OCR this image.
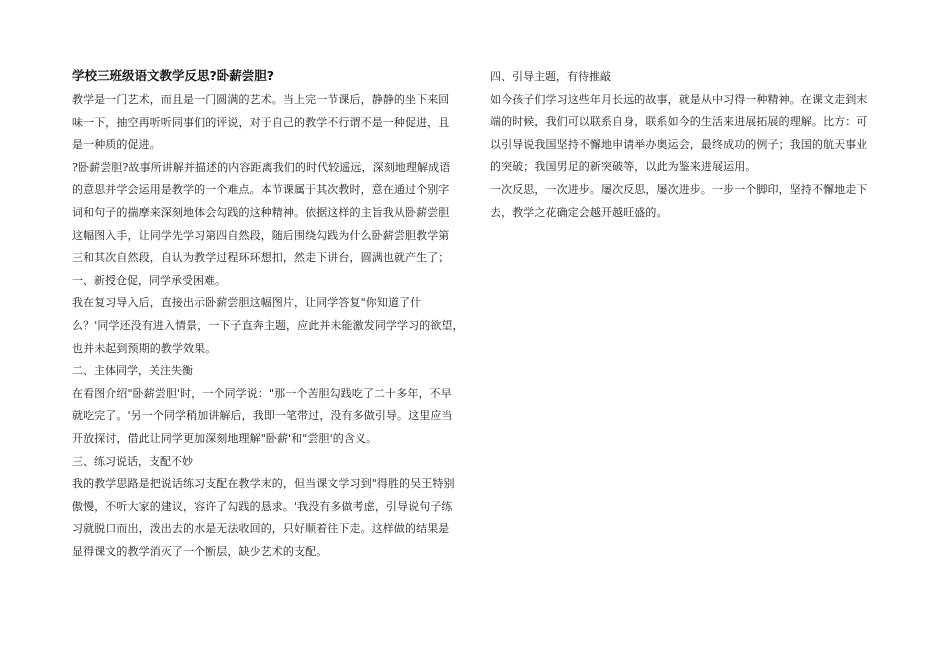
学校三班级语文教学反思?卧薪尝胆?

教学是一门艺术，而且是一门圆满的艺术。当上完一节课后，静静的坐下来回

味一下，抽空再听听同事们的评说，对于自己的教学不行谓不是一种促进，且

是一种质的促进。

?卧薪尝胆?故事所讲解并描述的内容距离我们的时代较遥远，深刻地理解成语

的意思并学会运用是教学的一个难点。本节课属于其次教时，意在通过个别字

词和句子的揣摩来深刻地体会勾践的这种精神。依据这样的主旨我从卧薪尝胆

这幅图入手，让同学先学习第四自然段，随后围绕勾践为什么卧薪尝胆教学第

三和其次自然段，自认为教学过程环环想扣，然走下讲台，圆满也就产生了；

一、新授仓促，同学承受困难。

我在复习导入后，直接出示卧薪尝胆这幅图片，让同学答复"你知道了什

么？'同学还没有进入情景，一下子直奔主题，应此并未能激发同学学习的欲望，

也并未起到预期的教学效果。

二、主体同学，关注失衡

在看图介绍"卧薪尝胆'时，一个同学说："那一个苦胆勾践吃了二十多年，不早

就吃完了。'另一个同学稍加讲解后，我即一笔带过，没有多做引导。这里应当

开放探讨，借此让同学更加深刻地理解"卧薪'和"尝胆'的含义。

三、练习说话，支配不妙

我的教学思路是把说话练习支配在教学末的，但当课文学习到"得胜的吴王特别

傲慢，不听大家的建议，容许了勾践的恳求。'我没有多做考虑，引导说句子练

习就脱口而出，泼出去的水是无法收回的，只好顺着往下走。这样做的结果是

显得课文的教学消灭了一个断层，缺少艺术的支配。

四、引导主题，有待推敲

如今孩子们学习这些年月长远的故事，就是从中习得一种精神。在课文走到末

端的时候，我们可以联系自身，联系如今的生活来进展拓展的理解。比方：可

以引导说我国坚持不懈地申请举办奥运会，最终成功的例子；我国的航天事业

的突破；我国男足的新突破等，以此为鉴来进展运用。

一次反思，一次进步。屡次反思，屡次进步。一步一个脚印，坚持不懈地走下

去，教学之花确定会越开越旺盛的。
